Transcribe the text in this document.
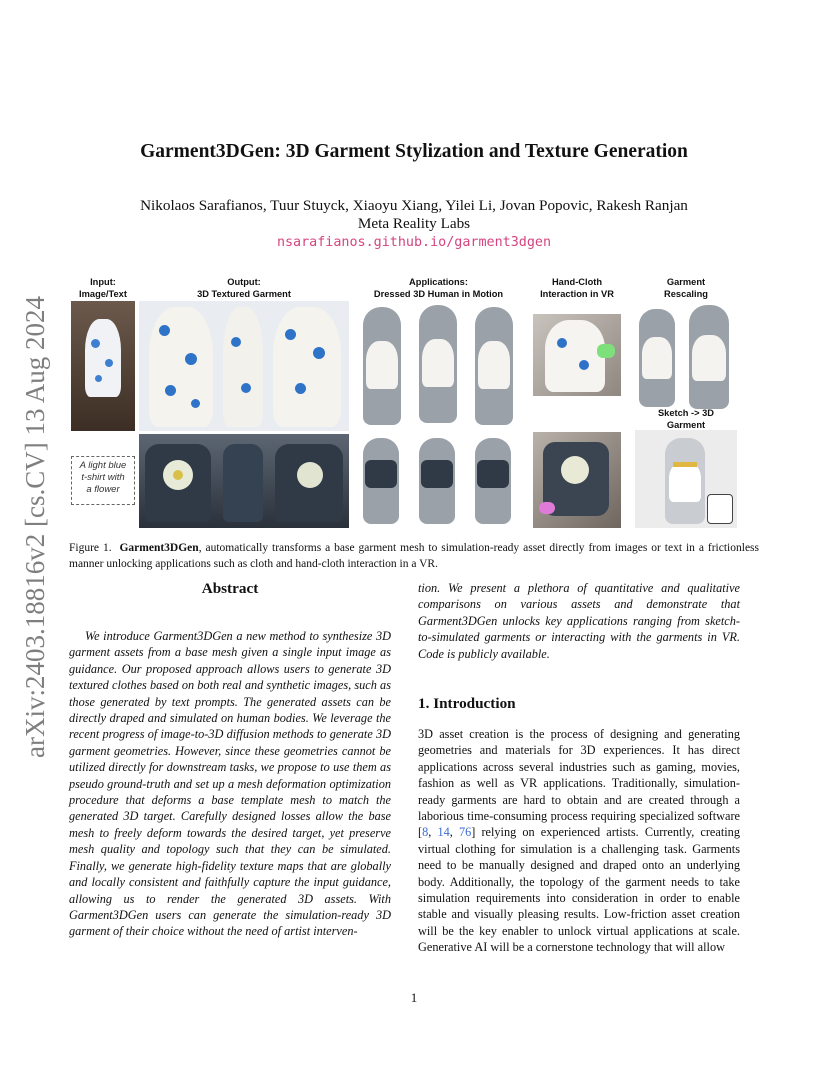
Garment3DGen: 3D Garment Stylization and Texture Generation
Nikolaos Sarafianos, Tuur Stuyck, Xiaoyu Xiang, Yilei Li, Jovan Popovic, Rakesh Ranjan
Meta Reality Labs
nsarafianos.github.io/garment3dgen
arXiv:2403.18816v2 [cs.CV] 13 Aug 2024
Input:
Image/Text
Output:
3D Textured Garment
Applications:
Dressed 3D Human in Motion
Hand-Cloth
Interaction in VR
Garment
Rescaling
A light blue
t-shirt with
a flower
Sketch -> 3D
Garment
Figure 1. Garment3DGen, automatically transforms a base garment mesh to simulation-ready asset directly from images or text in a frictionless manner unlocking applications such as cloth and hand-cloth interaction in a VR.
Abstract
We introduce Garment3DGen a new method to synthesize 3D garment assets from a base mesh given a single input image as guidance. Our proposed approach allows users to generate 3D textured clothes based on both real and synthetic images, such as those generated by text prompts. The generated assets can be directly draped and simulated on human bodies. We leverage the recent progress of image-to-3D diffusion methods to generate 3D garment geometries. However, since these geometries cannot be utilized directly for downstream tasks, we propose to use them as pseudo ground-truth and set up a mesh deformation optimization procedure that deforms a base template mesh to match the generated 3D target. Carefully designed losses allow the base mesh to freely deform towards the desired target, yet preserve mesh quality and topology such that they can be simulated. Finally, we generate high-fidelity texture maps that are globally and locally consistent and faithfully capture the input guidance, allowing us to render the generated 3D assets. With Garment3DGen users can generate the simulation-ready 3D garment of their choice without the need of artist interven-
tion. We present a plethora of quantitative and qualitative comparisons on various assets and demonstrate that Garment3DGen unlocks key applications ranging from sketch-to-simulated garments or interacting with the garments in VR. Code is publicly available.
1. Introduction
3D asset creation is the process of designing and generating geometries and materials for 3D experiences. It has direct applications across several industries such as gaming, movies, fashion as well as VR applications. Traditionally, simulation-ready garments are hard to obtain and are created through a laborious time-consuming process requiring specialized software [8, 14, 76] relying on experienced artists. Currently, creating virtual clothing for simulation is a challenging task. Garments need to be manually designed and draped onto an underlying body. Additionally, the topology of the garment needs to take simulation requirements into consideration in order to enable stable and visually pleasing results. Low-friction asset creation will be the key enabler to unlock virtual applications at scale. Generative AI will be a cornerstone technology that will allow
1
